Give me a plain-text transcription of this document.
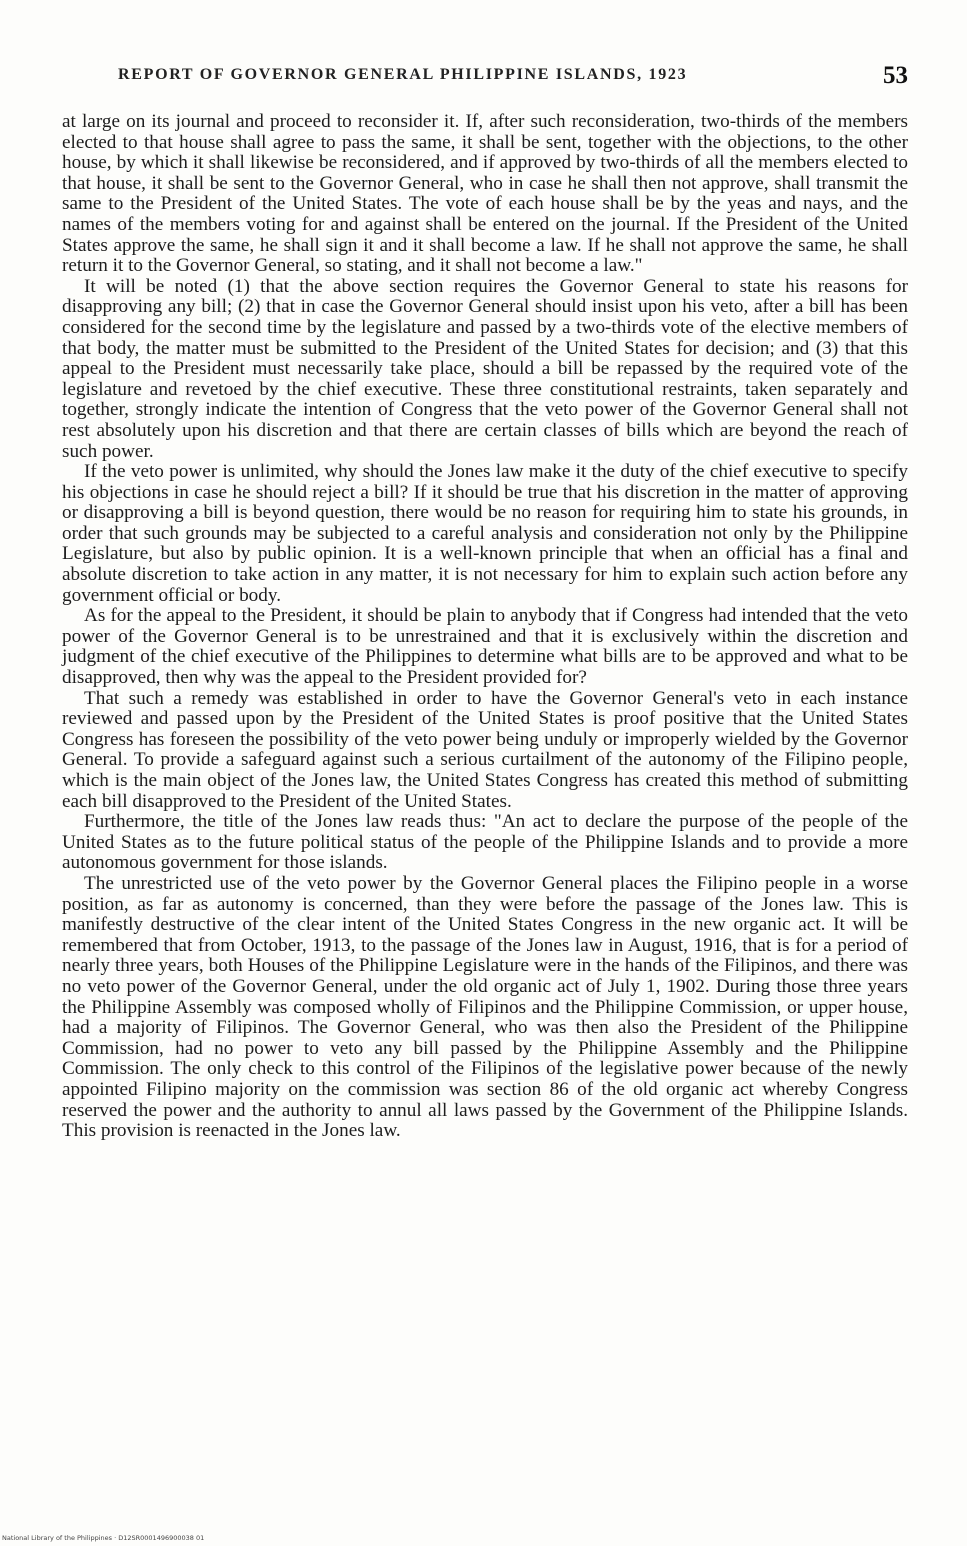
REPORT OF GOVERNOR GENERAL PHILIPPINE ISLANDS, 1923	53

at large on its journal and proceed to reconsider it. If, after such reconsideration, two-thirds of the members elected to that house shall agree to pass the same, it shall be sent, together with the objections, to the other house, by which it shall likewise be reconsidered, and if approved by two-thirds of all the members elected to that house, it shall be sent to the Governor General, who in case he shall then not approve, shall transmit the same to the President of the United States. The vote of each house shall be by the yeas and nays, and the names of the members voting for and against shall be entered on the journal. If the President of the United States approve the same, he shall sign it and it shall become a law. If he shall not approve the same, he shall return it to the Governor General, so stating, and it shall not become a law."

It will be noted (1) that the above section requires the Governor General to state his reasons for disapproving any bill; (2) that in case the Governor General should insist upon his veto, after a bill has been considered for the second time by the legislature and passed by a two-thirds vote of the elective members of that body, the matter must be submitted to the President of the United States for decision; and (3) that this appeal to the President must necessarily take place, should a bill be repassed by the required vote of the legislature and revetoed by the chief executive. These three constitutional restraints, taken separately and together, strongly indicate the intention of Congress that the veto power of the Governor General shall not rest absolutely upon his discretion and that there are certain classes of bills which are beyond the reach of such power.

If the veto power is unlimited, why should the Jones law make it the duty of the chief executive to specify his objections in case he should reject a bill? If it should be true that his discretion in the matter of approving or disapproving a bill is beyond question, there would be no reason for requiring him to state his grounds, in order that such grounds may be subjected to a careful analysis and consideration not only by the Philippine Legislature, but also by public opinion. It is a well-known principle that when an official has a final and absolute discretion to take action in any matter, it is not necessary for him to explain such action before any government official or body.

As for the appeal to the President, it should be plain to anybody that if Congress had intended that the veto power of the Governor General is to be unrestrained and that it is exclusively within the discretion and judgment of the chief executive of the Philippines to determine what bills are to be approved and what to be disapproved, then why was the appeal to the President provided for?

That such a remedy was established in order to have the Governor General's veto in each instance reviewed and passed upon by the President of the United States is proof positive that the United States Congress has foreseen the possibility of the veto power being unduly or improperly wielded by the Governor General. To provide a safeguard against such a serious curtailment of the autonomy of the Filipino people, which is the main object of the Jones law, the United States Congress has created this method of submitting each bill disapproved to the President of the United States.

Furthermore, the title of the Jones law reads thus: "An act to declare the purpose of the people of the United States as to the future political status of the people of the Philippine Islands and to provide a more autonomous government for those islands.

The unrestricted use of the veto power by the Governor General places the Filipino people in a worse position, as far as autonomy is concerned, than they were before the passage of the Jones law. This is manifestly destructive of the clear intent of the United States Congress in the new organic act. It will be remembered that from October, 1913, to the passage of the Jones law in August, 1916, that is for a period of nearly three years, both Houses of the Philippine Legislature were in the hands of the Filipinos, and there was no veto power of the Governor General, under the old organic act of July 1, 1902. During those three years the Philippine Assembly was composed wholly of Filipinos and the Philippine Commission, or upper house, had a majority of Filipinos. The Governor General, who was then also the President of the Philippine Commission, had no power to veto any bill passed by the Philippine Assembly and the Philippine Commission. The only check to this control of the Filipinos of the legislative power because of the newly appointed Filipino majority on the commission was section 86 of the old organic act whereby Congress reserved the power and the authority to annul all laws passed by the Government of the Philippine Islands. This provision is reenacted in the Jones law.

National Library of the Philippines · D12SR0001496900038 01
